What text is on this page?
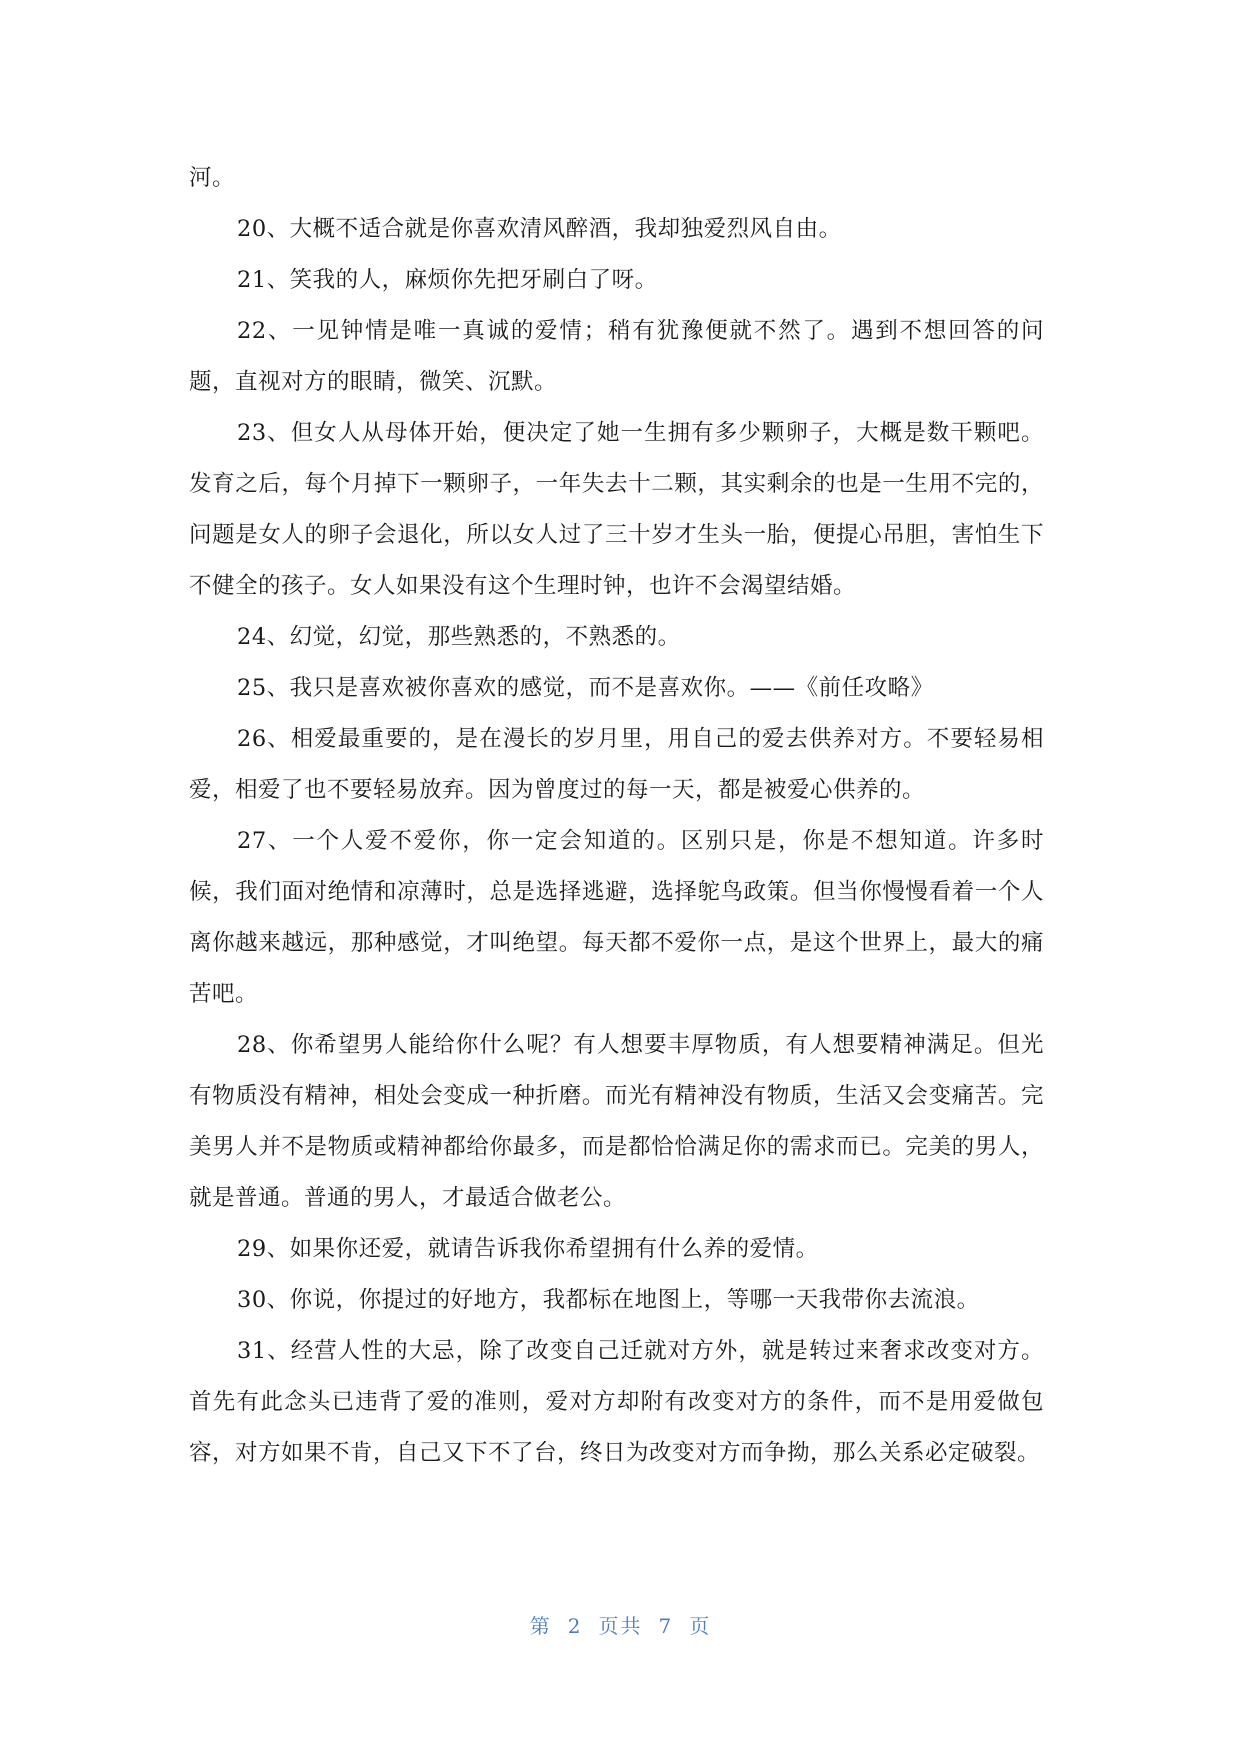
河。

20、大概不适合就是你喜欢清风醉酒，我却独爱烈风自由。

21、笑我的人，麻烦你先把牙刷白了呀。

22、一见钟情是唯一真诚的爱情；稍有犹豫便就不然了。遇到不想回答的问题，直视对方的眼睛，微笑、沉默。

23、但女人从母体开始，便决定了她一生拥有多少颗卵子，大概是数干颗吧。发育之后，每个月掉下一颗卵子，一年失去十二颗，其实剩余的也是一生用不完的，问题是女人的卵子会退化，所以女人过了三十岁才生头一胎，便提心吊胆，害怕生下不健全的孩子。女人如果没有这个生理时钟，也许不会渴望结婚。

24、幻觉，幻觉，那些熟悉的，不熟悉的。

25、我只是喜欢被你喜欢的感觉，而不是喜欢你。——《前任攻略》

26、相爱最重要的，是在漫长的岁月里，用自己的爱去供养对方。不要轻易相爱，相爱了也不要轻易放弃。因为曾度过的每一天，都是被爱心供养的。

27、一个人爱不爱你，你一定会知道的。区别只是，你是不想知道。许多时候，我们面对绝情和凉薄时，总是选择逃避，选择鸵鸟政策。但当你慢慢看着一个人离你越来越远，那种感觉，才叫绝望。每天都不爱你一点，是这个世界上，最大的痛苦吧。

28、你希望男人能给你什么呢？有人想要丰厚物质，有人想要精神满足。但光有物质没有精神，相处会变成一种折磨。而光有精神没有物质，生活又会变痛苦。完美男人并不是物质或精神都给你最多，而是都恰恰满足你的需求而已。完美的男人，就是普通。普通的男人，才最适合做老公。

29、如果你还爱，就请告诉我你希望拥有什么养的爱情。

30、你说，你提过的好地方，我都标在地图上，等哪一天我带你去流浪。

31、经营人性的大忌，除了改变自己迁就对方外，就是转过来奢求改变对方。首先有此念头已违背了爱的准则，爱对方却附有改变对方的条件，而不是用爱做包容，对方如果不肯，自己又下不了台，终日为改变对方而争拗，那么关系必定破裂。

第 2 页共 7 页
